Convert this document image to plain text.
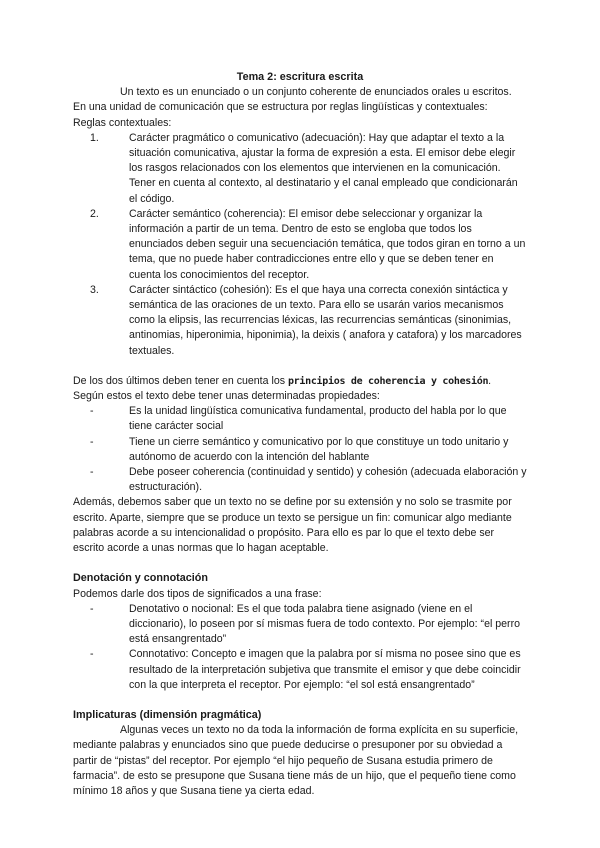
Tema 2: escritura escrita

Un texto es un enunciado o un conjunto coherente de enunciados orales u escritos.

En una unidad de comunicación que se estructura por reglas lingüísticas y contextuales:

Reglas contextuales:

1.	Carácter pragmático o comunicativo (adecuación): Hay que adaptar el texto a la situación comunicativa, ajustar la forma de expresión a esta. El emisor debe elegir los rasgos relacionados con los elementos que intervienen en la comunicación. Tener en cuenta al contexto, al destinatario y el canal empleado que condicionarán el código.
2.	Carácter semántico (coherencia): El emisor debe seleccionar y organizar la información a partir de un tema. Dentro de esto se engloba que todos los enunciados deben seguir una secuenciación temática, que todos giran en torno a un tema, que no puede haber contradicciones entre ello y que se deben tener en cuenta los conocimientos del receptor.
3.	Carácter sintáctico (cohesión): Es el que haya una correcta conexión sintáctica y semántica de las oraciones de un texto. Para ello se usarán varios mecanismos como la elipsis, las recurrencias léxicas, las recurrencias semánticas (sinonimias, antinomias, hiperonimia, hiponimia), la deixis ( anafora y catafora) y los marcadores textuales.

De los dos últimos deben tener en cuenta los principios de coherencia y cohesión.

Según estos el texto debe tener unas determinadas propiedades:

-	Es la unidad lingüística comunicativa fundamental, producto del habla por lo que tiene carácter social
-	Tiene un cierre semántico y comunicativo por lo que constituye un todo unitario y autónomo de acuerdo con la intención del hablante
-	Debe poseer coherencia (continuidad y sentido) y cohesión (adecuada elaboración y estructuración).

Además, debemos saber que un texto no se define por su extensión y no solo se trasmite por escrito. Aparte, siempre que se produce un texto se persigue un fin: comunicar algo mediante palabras acorde a su intencionalidad o propósito. Para ello es par lo que el texto debe ser escrito acorde a unas normas que lo hagan aceptable.

Denotación y connotación

Podemos darle dos tipos de significados a una frase:

-	Denotativo o nocional: Es el que toda palabra tiene asignado (viene en el diccionario), lo poseen por sí mismas fuera de todo contexto. Por ejemplo: “el perro está ensangrentado”
-	Connotativo: Concepto e imagen que la palabra por sí misma no posee sino que es resultado de la interpretación subjetiva que transmite el emisor y que debe coincidir con la que interpreta el receptor. Por ejemplo: “el sol está ensangrentado”
Implicaturas (dimensión pragmática)

Algunas veces un texto no da toda la información de forma explícita en su superficie, mediante palabras y enunciados sino que puede deducirse o presuponer por su obviedad a partir de “pistas” del receptor. Por ejemplo “el hijo pequeño de Susana estudia primero de farmacia”. de esto se presupone que Susana tiene más de un hijo, que el pequeño tiene como mínimo 18 años y que Susana tiene ya cierta edad.
